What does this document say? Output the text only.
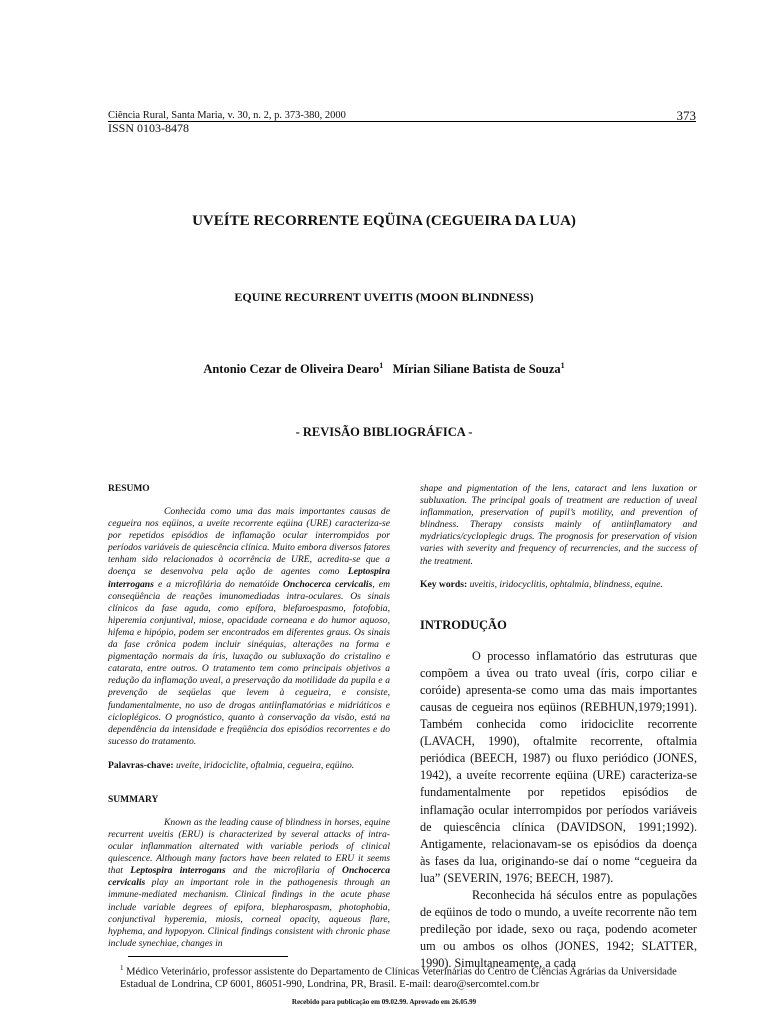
Ciência Rural, Santa Maria, v. 30, n. 2, p. 373-380, 2000
ISSN 0103-8478
373
UVEÍTE RECORRENTE EQÜINA (CEGUEIRA DA LUA)
EQUINE RECURRENT UVEITIS (MOON BLINDNESS)
Antonio Cezar de Oliveira Dearo$^1$ Mírian Siliane Batista de Souza$^1$
- REVISÃO BIBLIOGRÁFICA -
RESUMO

Conhecida como uma das mais importantes causas de cegueira nos eqüinos, a uveíte recorrente eqüina (URE) caracteriza-se por repetidos episódios de inflamação ocular interrompidos por períodos variáveis de quiescência clínica. Muito embora diversos fatores tenham sido relacionados à ocorrência de URE, acredita-se que a doença se desenvolva pela ação de agentes como Leptospira interrogans e a microfilária do nematóide Onchocerca cervicalis, em conseqüência de reações imunomediadas intra-oculares. Os sinais clínicos da fase aguda, como epífora, blefaroespasmo, fotofobia, hiperemia conjuntival, miose, opacidade corneana e do humor aquoso, hifema e hipópio, podem ser encontrados em diferentes graus. Os sinais da fase crônica podem incluir sinéquias, alterações na forma e pigmentação normais da íris, luxação ou subluxação do cristalino e catarata, entre outros. O tratamento tem como principais objetivos a redução da inflamação uveal, a preservação da motilidade da pupila e a prevenção de seqüelas que levem à cegueira, e consiste, fundamentalmente, no uso de drogas antiinflamatórias e midriáticos e cicloplégicos. O prognóstico, quanto à conservação da visão, está na dependência da intensidade e freqüência dos episódios recorrentes e do sucesso do tratamento.

Palavras-chave: uveíte, iridociclite, oftalmia, cegueira, eqüino.

SUMMARY

Known as the leading cause of blindness in horses, equine recurrent uveitis (ERU) is characterized by several attacks of intra-ocular inflammation alternated with variable periods of clinical quiescence. Although many factors have been related to ERU it seems that Leptospira interrogans and the microfilaria of Onchocerca cervicalis play an important role in the pathogenesis through an immune-mediated mechanism. Clinical findings in the acute phase include variable degrees of epifora, blepharospasm, photophobia, conjunctival hyperemia, miosis, corneal opacity, aqueous flare, hyphema, and hypopyon. Clinical findings consistent with chronic phase include synechiae, changes in

shape and pigmentation of the lens, cataract and lens luxation or subluxation. The principal goals of treatment are reduction of uveal inflammation, preservation of pupil’s motility, and prevention of blindness. Therapy consists mainly of antiinflamatory and mydriatics/cycloplegic drugs. The prognosis for preservation of vision varies with severity and frequency of recurrencies, and the success of the treatment.

Key words: uveitis, iridocyclitis, ophtalmia, blindness, equine.

INTRODUÇÃO

O processo inflamatório das estruturas que compõem a úvea ou trato uveal (íris, corpo ciliar e coróide) apresenta-se como uma das mais importantes causas de cegueira nos eqüinos (REBHUN,1979;1991). Também conhecida como iridociclite recorrente (LAVACH, 1990), oftalmite recorrente, oftalmia periódica (BEECH, 1987) ou fluxo periódico (JONES, 1942), a uveíte recorrente eqüina (URE) caracteriza-se fundamentalmente por repetidos episódios de inflamação ocular interrompidos por períodos variáveis de quiescência clínica (DAVIDSON, 1991;1992). Antigamente, relacionavam-se os episódios da doença às fases da lua, originando-se daí o nome “cegueira da lua” (SEVERIN, 1976; BEECH, 1987).

Reconhecida há séculos entre as populações de eqüinos de todo o mundo, a uveíte recorrente não tem predileção por idade, sexo ou raça, podendo acometer um ou ambos os olhos (JONES, 1942; SLATTER, 1990). Simultaneamente, a cada

$^1$ Médico Veterinário, professor assistente do Departamento de Clínicas Veterinárias do Centro de Ciências Agrárias da Universidade Estadual de Londrina, CP 6001, 86051-990, Londrina, PR, Brasil. E-mail: dearo@sercomtel.com.br
Recebido para publicação em 09.02.99. Aprovado em 26.05.99
